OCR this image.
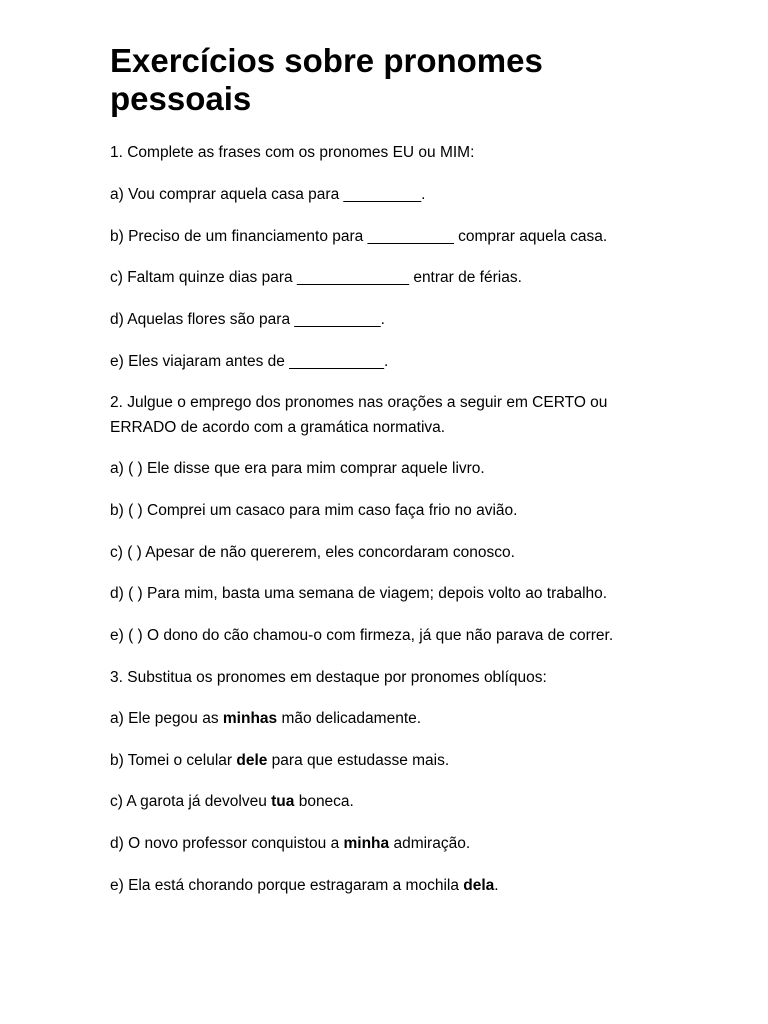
Exercícios sobre pronomes pessoais

1. Complete as frases com os pronomes EU ou MIM:

a) Vou comprar aquela casa para _________.

b) Preciso de um financiamento para __________ comprar aquela casa.

c) Faltam quinze dias para _____________ entrar de férias.

d) Aquelas flores são para __________.

e) Eles viajaram antes de ___________.

2. Julgue o emprego dos pronomes nas orações a seguir em CERTO ou

ERRADO de acordo com a gramática normativa.

a) ( ) Ele disse que era para mim comprar aquele livro.

b) ( ) Comprei um casaco para mim caso faça frio no avião.

c) ( ) Apesar de não quererem, eles concordaram conosco.

d) ( ) Para mim, basta uma semana de viagem; depois volto ao trabalho.

e) ( ) O dono do cão chamou-o com firmeza, já que não parava de correr.

3. Substitua os pronomes em destaque por pronomes oblíquos:

a) Ele pegou as minhas mão delicadamente.

b) Tomei o celular dele para que estudasse mais.

c) A garota já devolveu tua boneca.

d) O novo professor conquistou a minha admiração.

e) Ela está chorando porque estragaram a mochila dela.
